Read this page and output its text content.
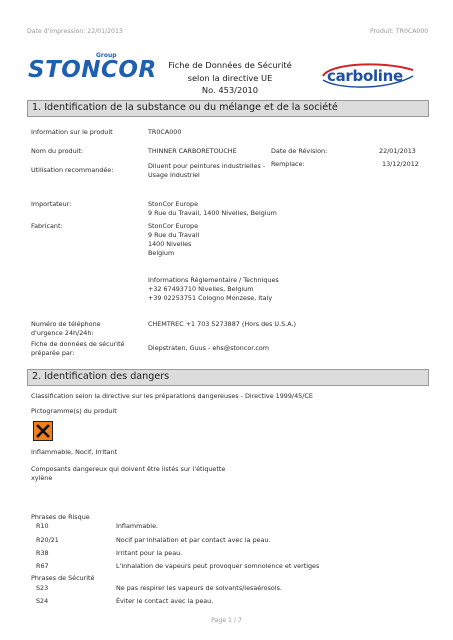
Date d'impression: 22/01/2013	Produit: TR0CA000
Group
STONCOR	Fiche de Données de Sécurité
selon la directive UE
No. 453/2010
carboline
1. Identification de la substance ou du mélange et de la société
Information sur le produit	TR0CA000
Nom du produit:	THINNER CARBORETOUCHE	Date de Révision:	22/01/2013
Utilisation recommandée:	Diluent pour peintures industrielles -
Usage industriel
Remplace:	13/12/2012
Importateur:	StonCor Europe
9 Rue du Travail, 1400 Nivelles, Belgium
Fabricant:	StonCor Europe
9 Rue du Travail
1400 Nivelles
Belgium
Informations Réglementaire / Techniques
+32 67493710 Nivelles, Belgium
+39 02253751 Cologno Monzese, Italy
Numéro de téléphone
d'urgence 24h/24h:
CHEMTREC +1 703 5273887 (Hors des U.S.A.)
Fiche de données de sécurité
préparée par:
Diepstraten, Guus - ehs@stoncor.com
2. Identification des dangers
Classification selon la directive sur les préparations dangereuses - Directive 1999/45/CE
Pictogramme(s) du produit
Inflammable, Nocif, Irritant
Composants dangereux qui doivent être listés sur l'étiquette
xylène
Phrases de Risque
R10	Inflammable.
R20/21	Nocif par inhalation et par contact avec la peau.
R38	Irritant pour la peau.
R67	L'inhalation de vapeurs peut provoquer somnolence et vertiges
Phrases de Sécurité
S23	Ne pas respirer les vapeurs de solvants/lesaérosols.
S24	Éviter le contact avec la peau.
Page 1 / 7
